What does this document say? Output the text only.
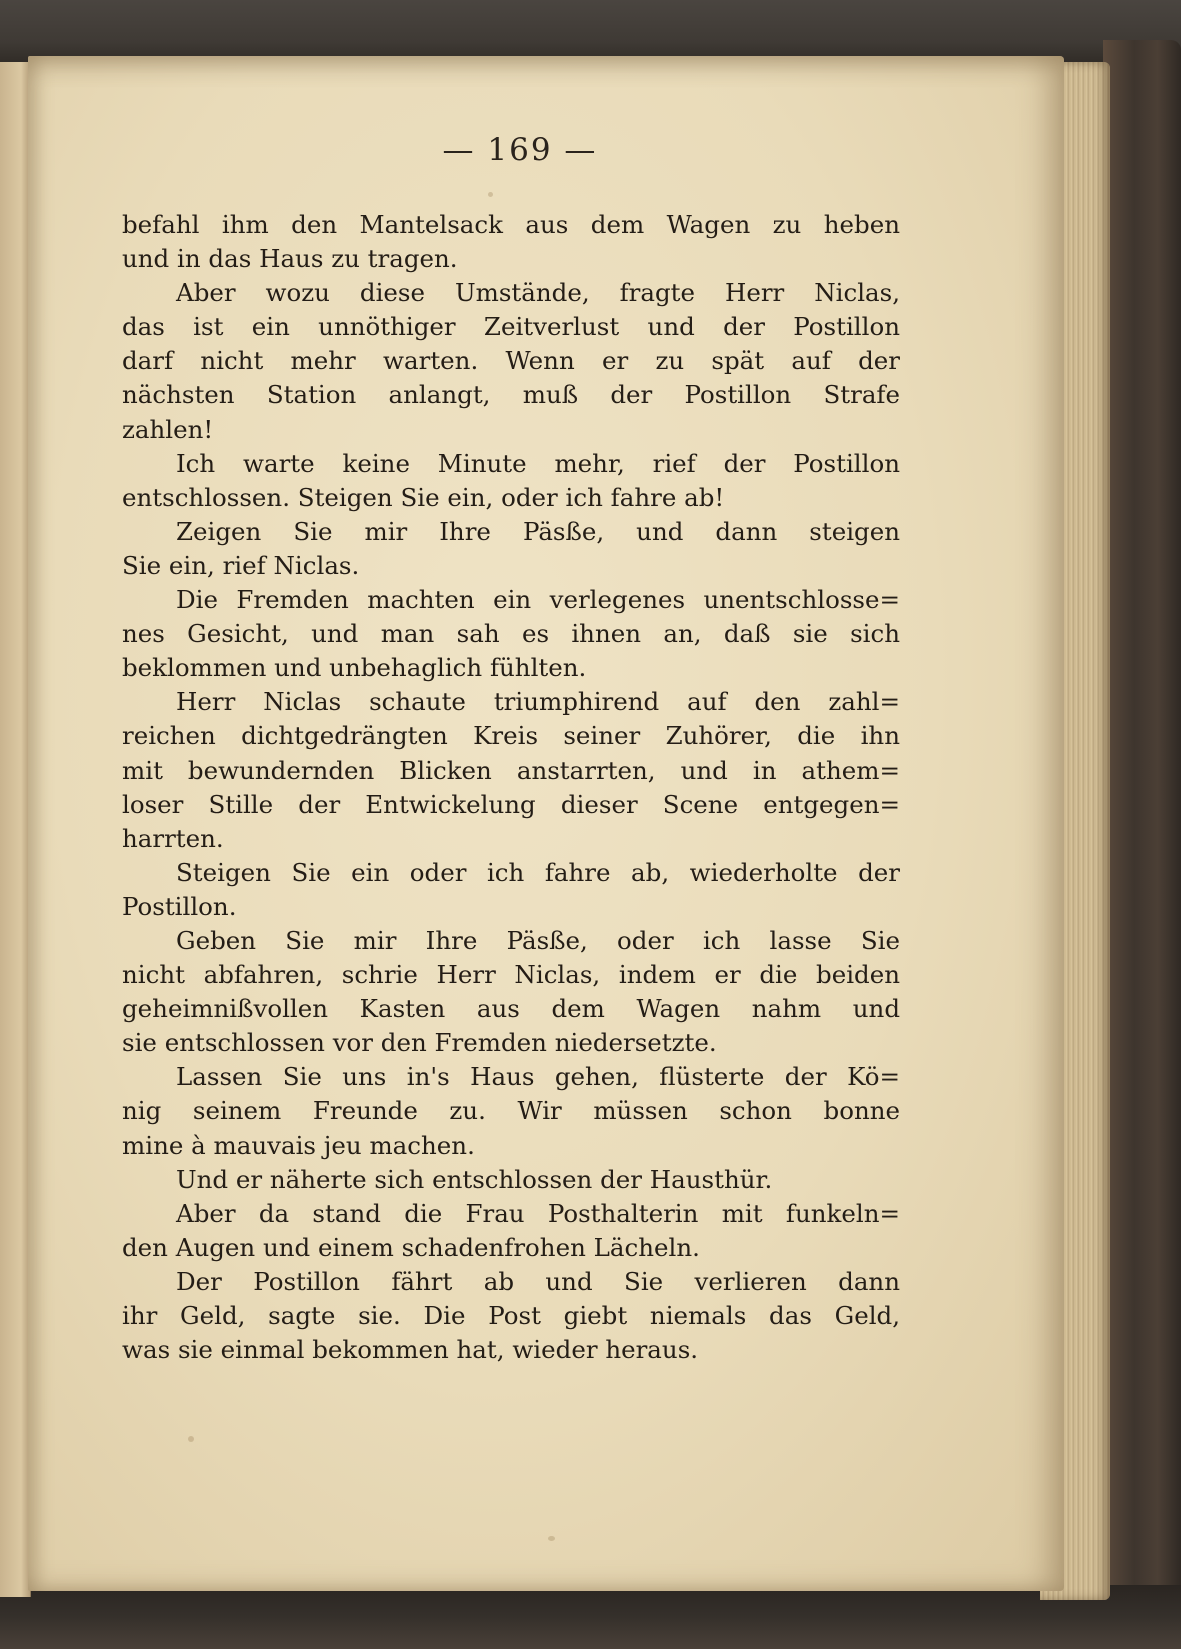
— 169 —
befahl ihm den Mantelsack aus dem Wagen zu heben
und in das Haus zu tragen.
Aber wozu diese Umstände, fragte Herr Niclas,
das ist ein unnöthiger Zeitverlust und der Postillon
darf nicht mehr warten. Wenn er zu spät auf der
nächsten Station anlangt, muß der Postillon Strafe
zahlen!
Ich warte keine Minute mehr, rief der Postillon
entschlossen. Steigen Sie ein, oder ich fahre ab!
Zeigen Sie mir Ihre Päsße, und dann steigen
Sie ein, rief Niclas.
Die Fremden machten ein verlegenes unentschlosse=
nes Gesicht, und man sah es ihnen an, daß sie sich
beklommen und unbehaglich fühlten.
Herr Niclas schaute triumphirend auf den zahl=
reichen dichtgedrängten Kreis seiner Zuhörer, die ihn
mit bewundernden Blicken anstarrten, und in athem=
loser Stille der Entwickelung dieser Scene entgegen=
harrten.
Steigen Sie ein oder ich fahre ab, wiederholte der
Postillon.
Geben Sie mir Ihre Päsße, oder ich lasse Sie
nicht abfahren, schrie Herr Niclas, indem er die beiden
geheimnißvollen Kasten aus dem Wagen nahm und
sie entschlossen vor den Fremden niedersetzte.
Lassen Sie uns in's Haus gehen, flüsterte der Kö=
nig seinem Freunde zu. Wir müssen schon bonne
mine à mauvais jeu machen.
Und er näherte sich entschlossen der Hausthür.
Aber da stand die Frau Posthalterin mit funkeln=
den Augen und einem schadenfrohen Lächeln.
Der Postillon fährt ab und Sie verlieren dann
ihr Geld, sagte sie. Die Post giebt niemals das Geld,
was sie einmal bekommen hat, wieder heraus.
